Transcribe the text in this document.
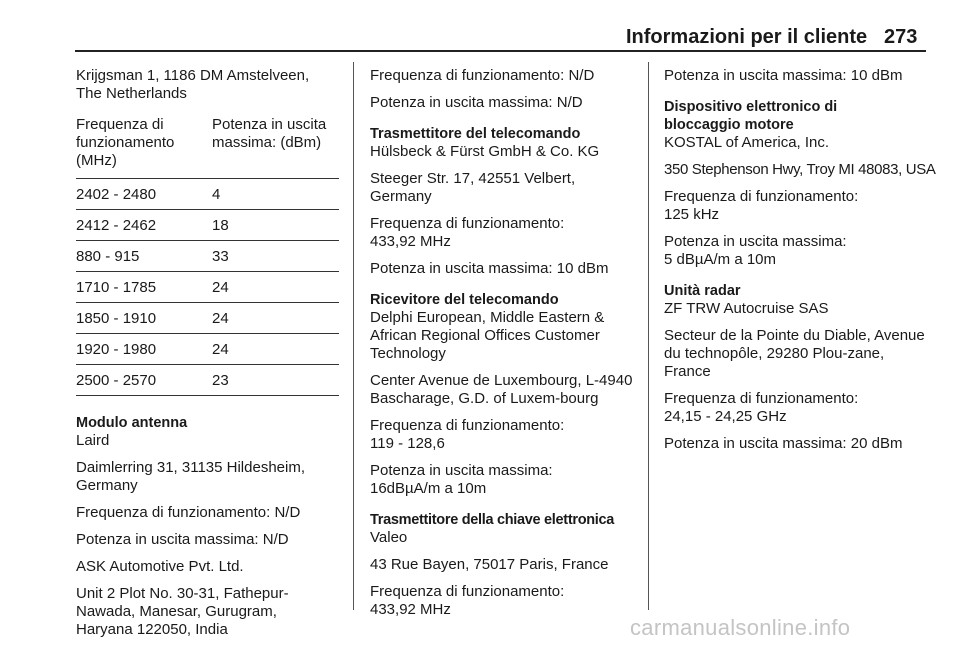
Informazioni per il cliente 273

Krijgsman 1, 1186 DM Amstelveen, The Netherlands

Frequenza di funzionamento (MHz)	Potenza in uscita massima: (dBm)
2402 - 2480	4
2412 - 2462	18
880 - 915	33
1710 - 1785	24
1850 - 1910	24
1920 - 1980	24
2500 - 2570	23
Modulo antenna

Laird

Daimlerring 31, 31135 Hildesheim, Germany

Frequenza di funzionamento: N/D

Potenza in uscita massima: N/D

ASK Automotive Pvt. Ltd.

Unit 2 Plot No. 30-31, Fathepur-Nawada, Manesar, Gurugram, Haryana 122050, India

Frequenza di funzionamento: N/D

Potenza in uscita massima: N/D

Trasmettitore del telecomando

Hülsbeck & Fürst GmbH & Co. KG

Steeger Str. 17, 42551 Velbert, Germany

Frequenza di funzionamento:
433,92 MHz

Potenza in uscita massima: 10 dBm

Ricevitore del telecomando

Delphi European, Middle Eastern & African Regional Offices Customer Technology

Center Avenue de Luxembourg, L-4940 Bascharage, G.D. of Luxem-bourg

Frequenza di funzionamento:
119 - 128,6

Potenza in uscita massima:
16dBµA/m a 10m

Trasmettitore della chiave elettronica

Valeo

43 Rue Bayen, 75017 Paris, France

Frequenza di funzionamento:
433,92 MHz

Potenza in uscita massima: 10 dBm

Dispositivo elettronico di bloccaggio motore

KOSTAL of America, Inc.

350 Stephenson Hwy, Troy MI 48083, USA

Frequenza di funzionamento:
125 kHz

Potenza in uscita massima:
5 dBµA/m a 10m

Unità radar

ZF TRW Autocruise SAS

Secteur de la Pointe du Diable, Avenue du technopôle, 29280 Plou-zane, France

Frequenza di funzionamento:
24,15 - 24,25 GHz

Potenza in uscita massima: 20 dBm

carmanualsonline.info
